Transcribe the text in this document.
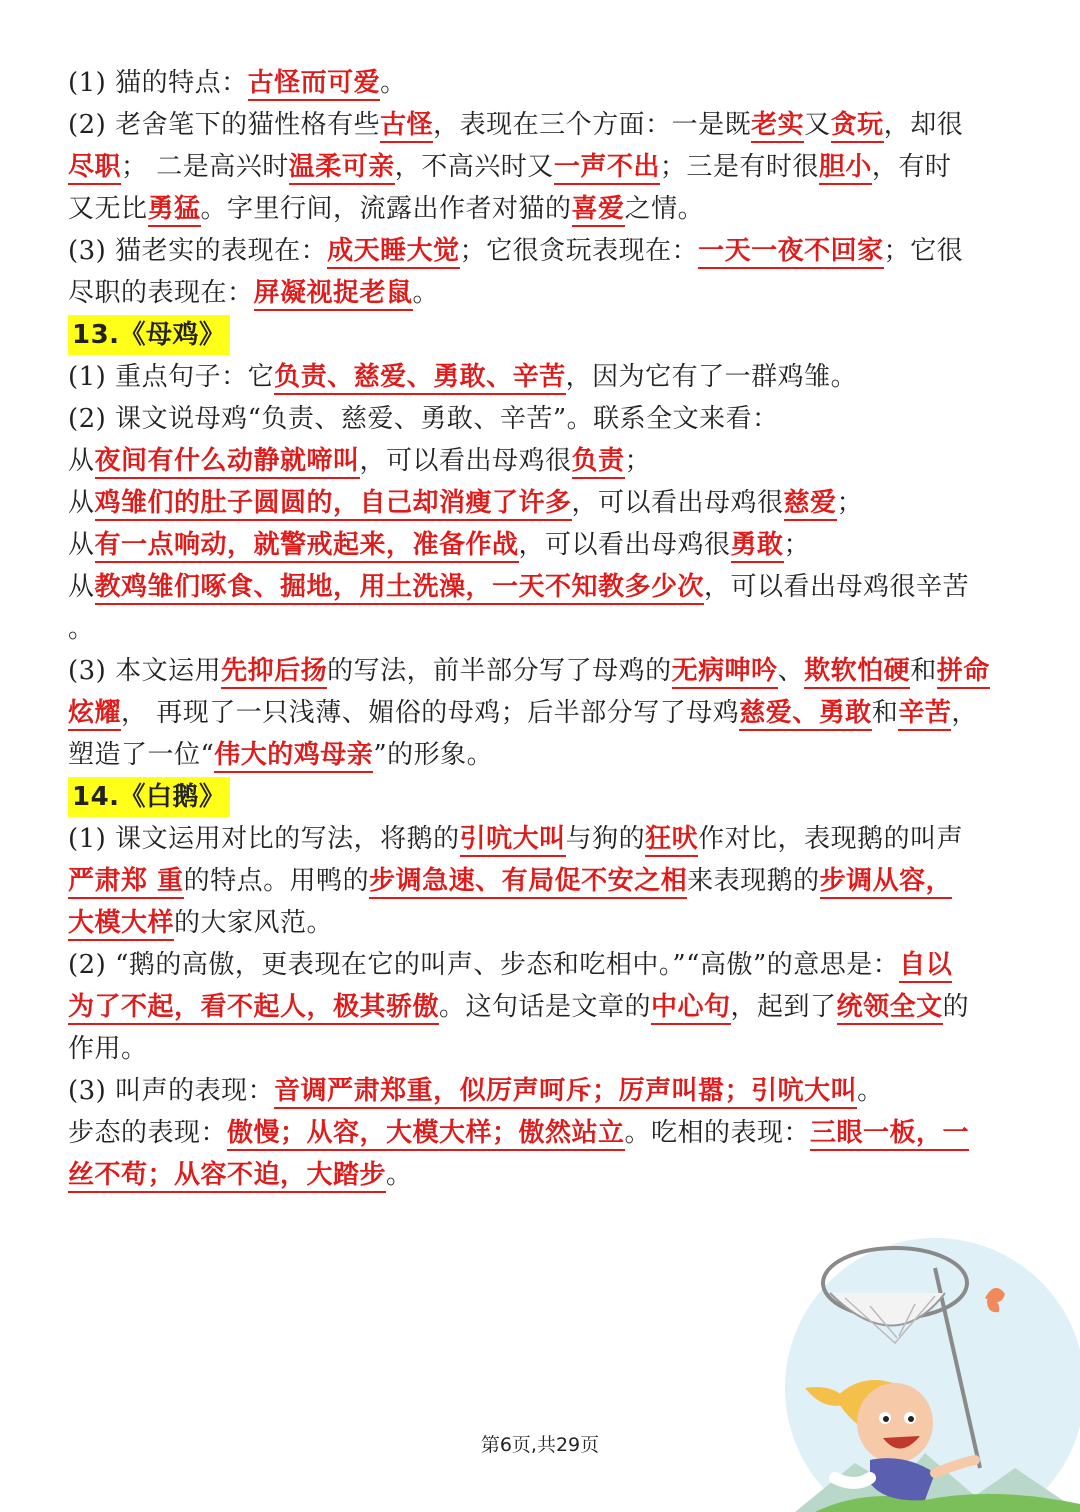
(1) 猫的特点：古怪而可爱。
(2) 老舍笔下的猫性格有些古怪，表现在三个方面：一是既老实又贪玩，却很
尽职； 二是高兴时温柔可亲，不高兴时又一声不出；三是有时很胆小，有时
又无比勇猛。字里行间，流露出作者对猫的喜爱之情。
(3) 猫老实的表现在：成天睡大觉；它很贪玩表现在：一天一夜不回家；它很
尽职的表现在：屏凝视捉老鼠。
13.《母鸡》
(1) 重点句子：它负责、慈爱、勇敢、辛苦，因为它有了一群鸡雏。
(2) 课文说母鸡“负责、慈爱、勇敢、辛苦”。联系全文来看：
从夜间有什么动静就啼叫，可以看出母鸡很负责；
从鸡雏们的肚子圆圆的，自己却消瘦了许多，可以看出母鸡很慈爱；
从有一点响动，就警戒起来，准备作战，可以看出母鸡很勇敢；
从教鸡雏们啄食、掘地，用土洗澡，一天不知教多少次，可以看出母鸡很辛苦
。
(3) 本文运用先抑后扬的写法，前半部分写了母鸡的无病呻吟、欺软怕硬和拼命
炫耀， 再现了一只浅薄、媚俗的母鸡；后半部分写了母鸡慈爱、勇敢和辛苦，
塑造了一位“伟大的鸡母亲”的形象。
14.《白鹅》
(1) 课文运用对比的写法，将鹅的引吭大叫与狗的狂吠作对比，表现鹅的叫声
严肃郑 重的特点。用鸭的步调急速、有局促不安之相来表现鹅的步调从容，
大模大样的大家风范。
(2) “鹅的高傲，更表现在它的叫声、步态和吃相中。”“高傲”的意思是：自以
为了不起，看不起人，极其骄傲。这句话是文章的中心句，起到了统领全文的
作用。
(3) 叫声的表现：音调严肃郑重，似厉声呵斥；厉声叫嚣；引吭大叫。
步态的表现：傲慢；从容，大模大样；傲然站立。吃相的表现：三眼一板，一
丝不苟；从容不迫，大踏步。
第6页,共29页
